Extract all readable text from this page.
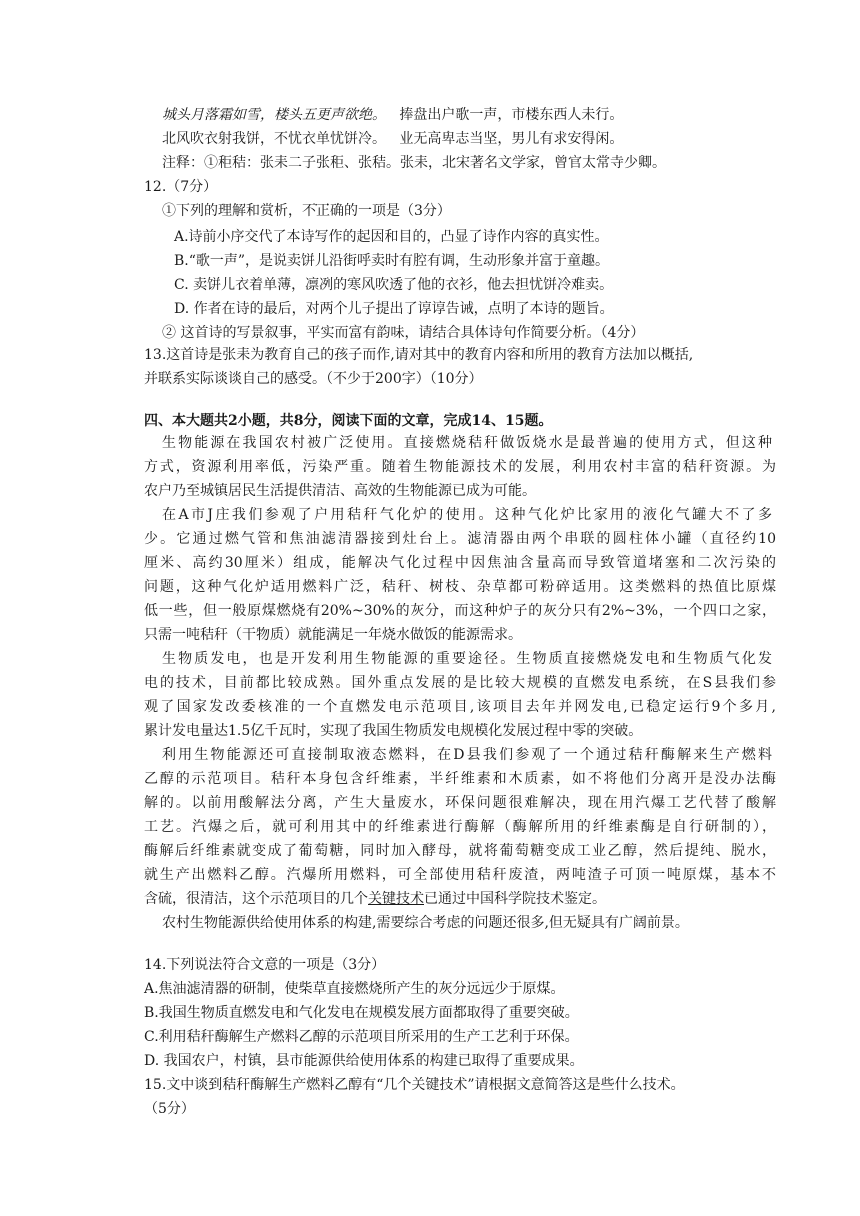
城头月落霜如雪，楼头五更声欲绝。 捧盘出户歌一声，市楼东西人未行。
北风吹衣射我饼，不忧衣单忧饼冷。 业无高卑志当坚，男儿有求安得闲。
注释：①秬秸：张耒二子张秬、张秸。张耒，北宋著名文学家，曾官太常寺少卿。
12.（7分）
①下列的理解和赏析，不正确 · ·的一项是（3分）
A.诗前小序交代了本诗写作的起因和目的，凸显了诗作内容的真实性。
B.“歌一声”，是说卖饼儿沿街呼卖时有腔有调，生动形象并富于童趣。
C. 卖饼儿衣着单薄，凛冽的寒风吹透了他的衣衫，他去担忧饼冷难卖。
D. 作者在诗的最后，对两个儿子提出了谆谆告诫，点明了本诗的题旨。
② 这首诗的写景叙事，平实而富有韵味，请结合具体诗句作简要分析。（4分）
13.这首诗是张耒为教育自己的孩子而作,请对其中的教育内容和所用的教育方法加以概括,
并联系实际谈谈自己的感受。（不少于200字）（10分）
四、本大题共2小题，共8分，阅读下面的文章，完成14、15题。
生物能源在我国农村被广泛使用。直接燃烧秸秆做饭烧水是最普遍的使用方式，但这种
方式，资源利用率低，污染严重。随着生物能源技术的发展，利用农村丰富的秸秆资源。为
农户乃至城镇居民生活提供清洁、高效的生物能源已成为可能。
在A市J庄我们参观了户用秸秆气化炉的使用。这种气化炉比家用的液化气罐大不了多
少。它通过燃气管和焦油滤清器接到灶台上。滤清器由两个串联的圆柱体小罐（直径约10
厘米、高约30厘米）组成，能解决气化过程中因焦油含量高而导致管道堵塞和二次污染的
问题，这种气化炉适用燃料广泛，秸秆、树枝、杂草都可粉碎适用。这类燃料的热值比原煤
低一些，但一般原煤燃烧有20%~30%的灰分，而这种炉子的灰分只有2%~3%，一个四口之家，
只需一吨秸秆（干物质）就能满足一年烧水做饭的能源需求。
生物质发电，也是开发利用生物能源的重要途径。生物质直接燃烧发电和生物质气化发
电的技术，目前都比较成熟。国外重点发展的是比较大规模的直燃发电系统，在S县我们参
观了国家发改委核准的一个直燃发电示范项目,该项目去年并网发电,已稳定运行9个多月,
累计发电量达1.5亿千瓦时，实现了我国生物质发电规模化发展过程中零的突破。
利用生物能源还可直接制取液态燃料，在D县我们参观了一个通过秸秆酶解来生产燃料
乙醇的示范项目。秸秆本身包含纤维素，半纤维素和木质素，如不将他们分离开是没办法酶
解的。以前用酸解法分离，产生大量废水，环保问题很难解决，现在用汽爆工艺代替了酸解
工艺。汽爆之后，就可利用其中的纤维素进行酶解（酶解所用的纤维素酶是自行研制的），
酶解后纤维素就变成了葡萄糖，同时加入酵母，就将葡萄糖变成工业乙醇，然后提纯、脱水，
就生产出燃料乙醇。汽爆所用燃料，可全部使用秸秆废渣，两吨渣子可顶一吨原煤，基本不
含硫，很清洁，这个示范项目的几个关键技术已通过中国科学院技术鉴定。
农村生物能源供给使用体系的构建,需要综合考虑的问题还很多,但无疑具有广阔前景。
14.下列说法符合文意的一项是（3分）
A.焦油滤清器的研制，使柴草直接燃烧所产生的灰分远远少于原煤。
B.我国生物质直燃发电和气化发电在规模发展方面都取得了重要突破。
C.利用秸秆酶解生产燃料乙醇的示范项目所采用的生产工艺利于环保。
D. 我国农户，村镇，县市能源供给使用体系的构建已取得了重要成果。
15.文中谈到秸秆酶解生产燃料乙醇有“几个关键技术”请根据文意简答这是些什么技术。
（5分）
